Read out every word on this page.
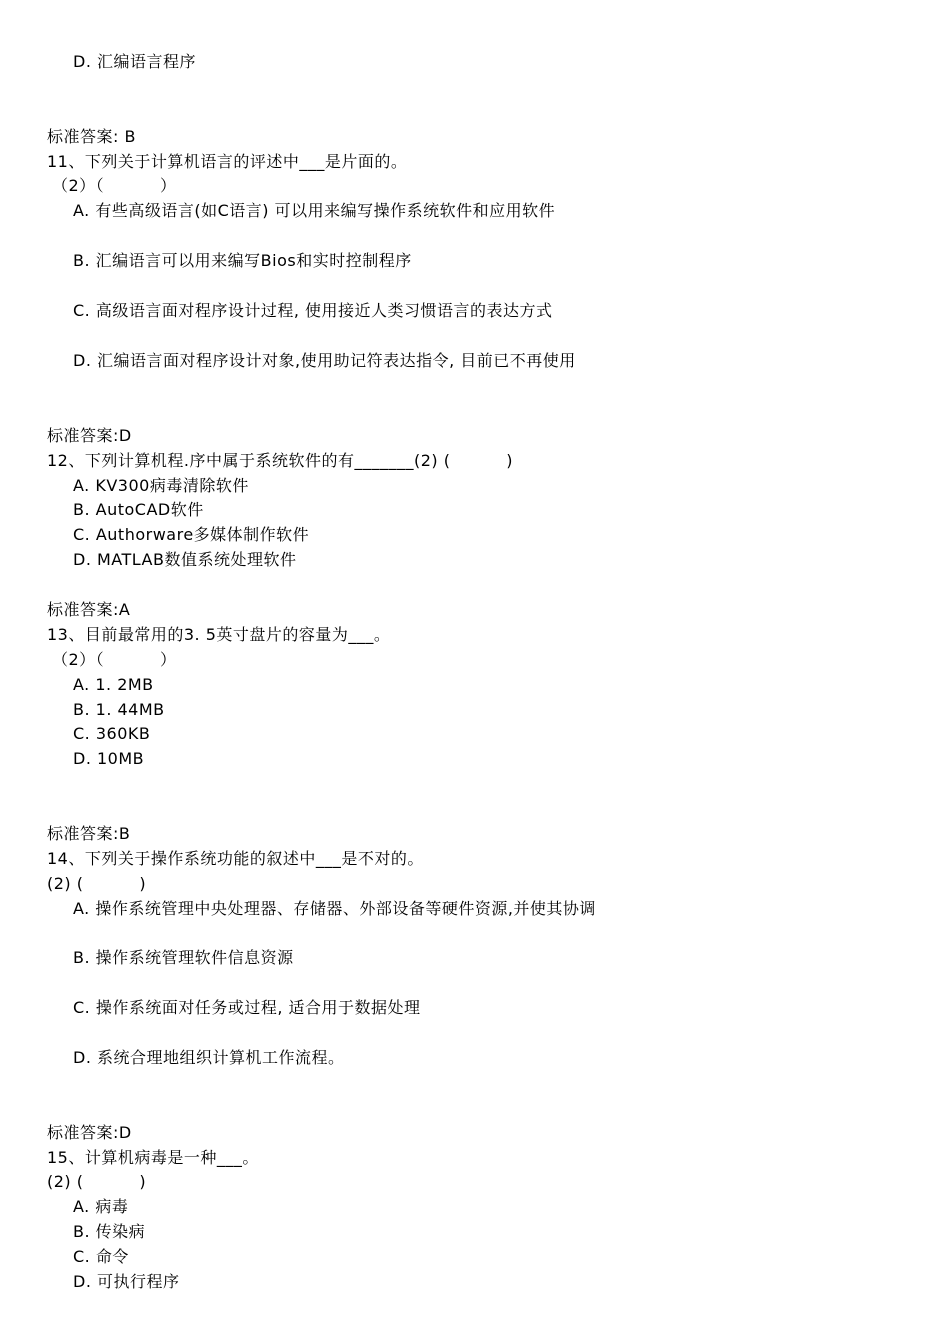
D. 汇编语言程序
标准答案: B
11、下列关于计算机语言的评述中___是片面的。
（2）（          ）
A. 有些高级语言(如C语言) 可以用来编写操作系统软件和应用软件
B. 汇编语言可以用来编写Bios和实时控制程序
C. 高级语言面对程序设计过程, 使用接近人类习惯语言的表达方式
D. 汇编语言面对程序设计对象,使用助记符表达指令, 目前已不再使用
标准答案:D
12、下列计算机程.序中属于系统软件的有_______(2) (          )
A. KV300病毒清除软件
B. AutoCAD软件
C. Authorware多媒体制作软件
D. MATLAB数值系统处理软件
标准答案:A
13、目前最常用的3. 5英寸盘片的容量为___。
（2）（          ）
A. 1. 2MB
B. 1. 44MB
C. 360KB
D. 10MB
标准答案:B
14、下列关于操作系统功能的叙述中___是不对的。
(2) (          )
A. 操作系统管理中央处理器、存储器、外部设备等硬件资源,并使其协调
B. 操作系统管理软件信息资源
C. 操作系统面对任务或过程, 适合用于数据处理
D. 系统合理地组织计算机工作流程。
标准答案:D
15、计算机病毒是一种___。
(2) (          )
A. 病毒
B. 传染病
C. 命令
D. 可执行程序
